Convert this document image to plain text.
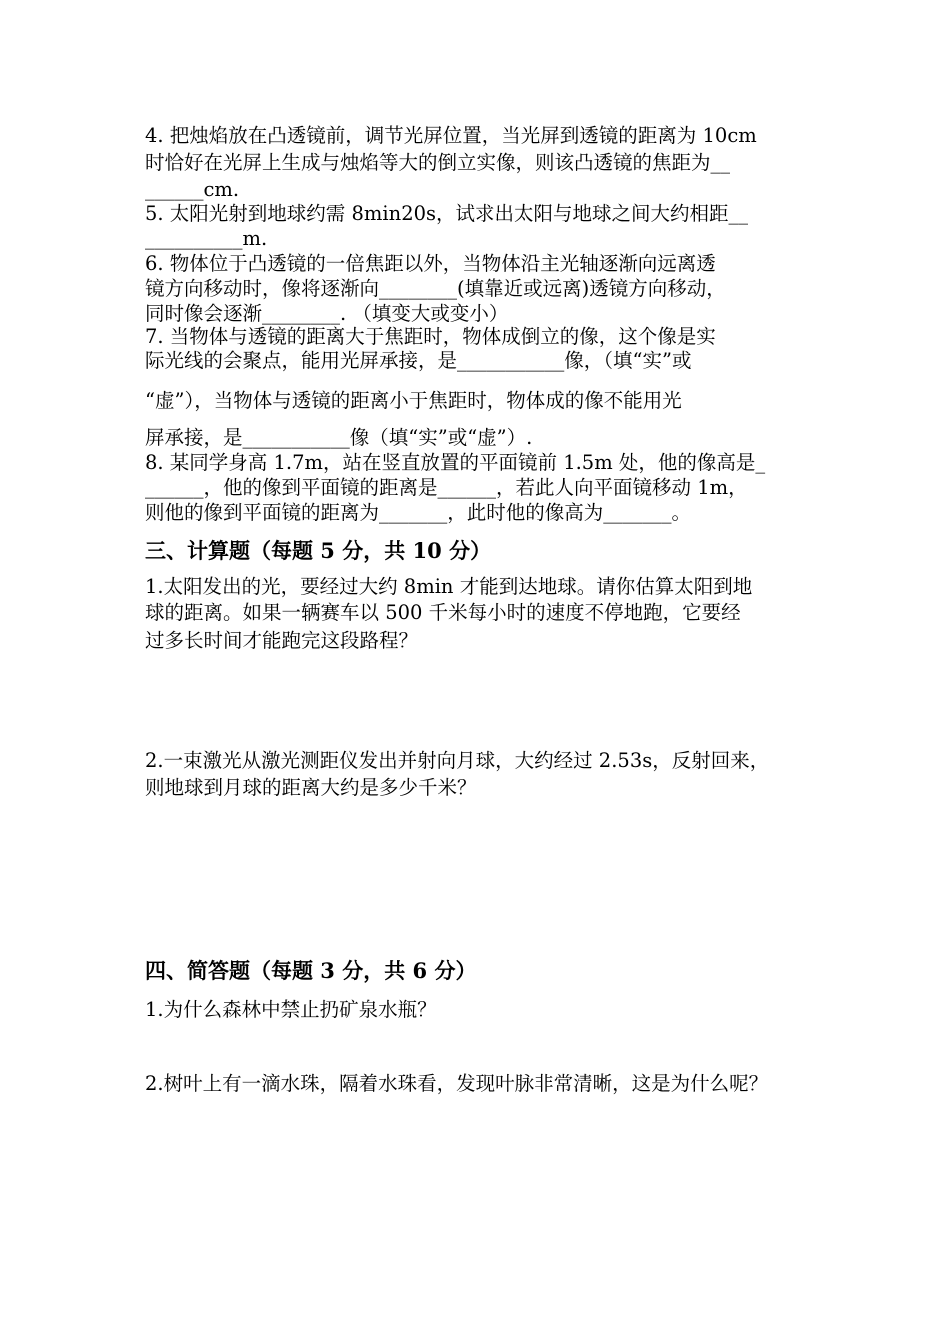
4. 把烛焰放在凸透镜前，调节光屏位置，当光屏到透镜的距离为 10cm
时恰好在光屏上生成与烛焰等大的倒立实像，则该凸透镜的焦距为__
______cm.
5. 太阳光射到地球约需 8min20s，试求出太阳与地球之间大约相距__
__________m.
6. 物体位于凸透镜的一倍焦距以外，当物体沿主光轴逐渐向远离透
镜方向移动时，像将逐渐向________(填靠近或远离)透镜方向移动，
同时像会逐渐________. （填变大或变小）
7. 当物体与透镜的距离大于焦距时，物体成倒立的像，这个像是实
际光线的会聚点，能用光屏承接，是___________像，（填“实”或
“虚”），当物体与透镜的距离小于焦距时，物体成的像不能用光
屏承接，是___________像（填“实”或“虚”）.
8. 某同学身高 1.7m，站在竖直放置的平面镜前 1.5m 处，他的像高是_
______，他的像到平面镜的距离是______，若此人向平面镜移动 1m，
则他的像到平面镜的距离为_______，此时他的像高为_______。
三、计算题（每题 5 分，共 10 分）
1.太阳发出的光，要经过大约 8min 才能到达地球。请你估算太阳到地
球的距离。如果一辆赛车以 500 千米每小时的速度不停地跑，它要经
过多长时间才能跑完这段路程？
2.一束激光从激光测距仪发出并射向月球，大约经过 2.53s，反射回来，
则地球到月球的距离大约是多少千米？
四、简答题（每题 3 分，共 6 分）
1.为什么森林中禁止扔矿泉水瓶？
2.树叶上有一滴水珠，隔着水珠看，发现叶脉非常清晰，这是为什么呢？
